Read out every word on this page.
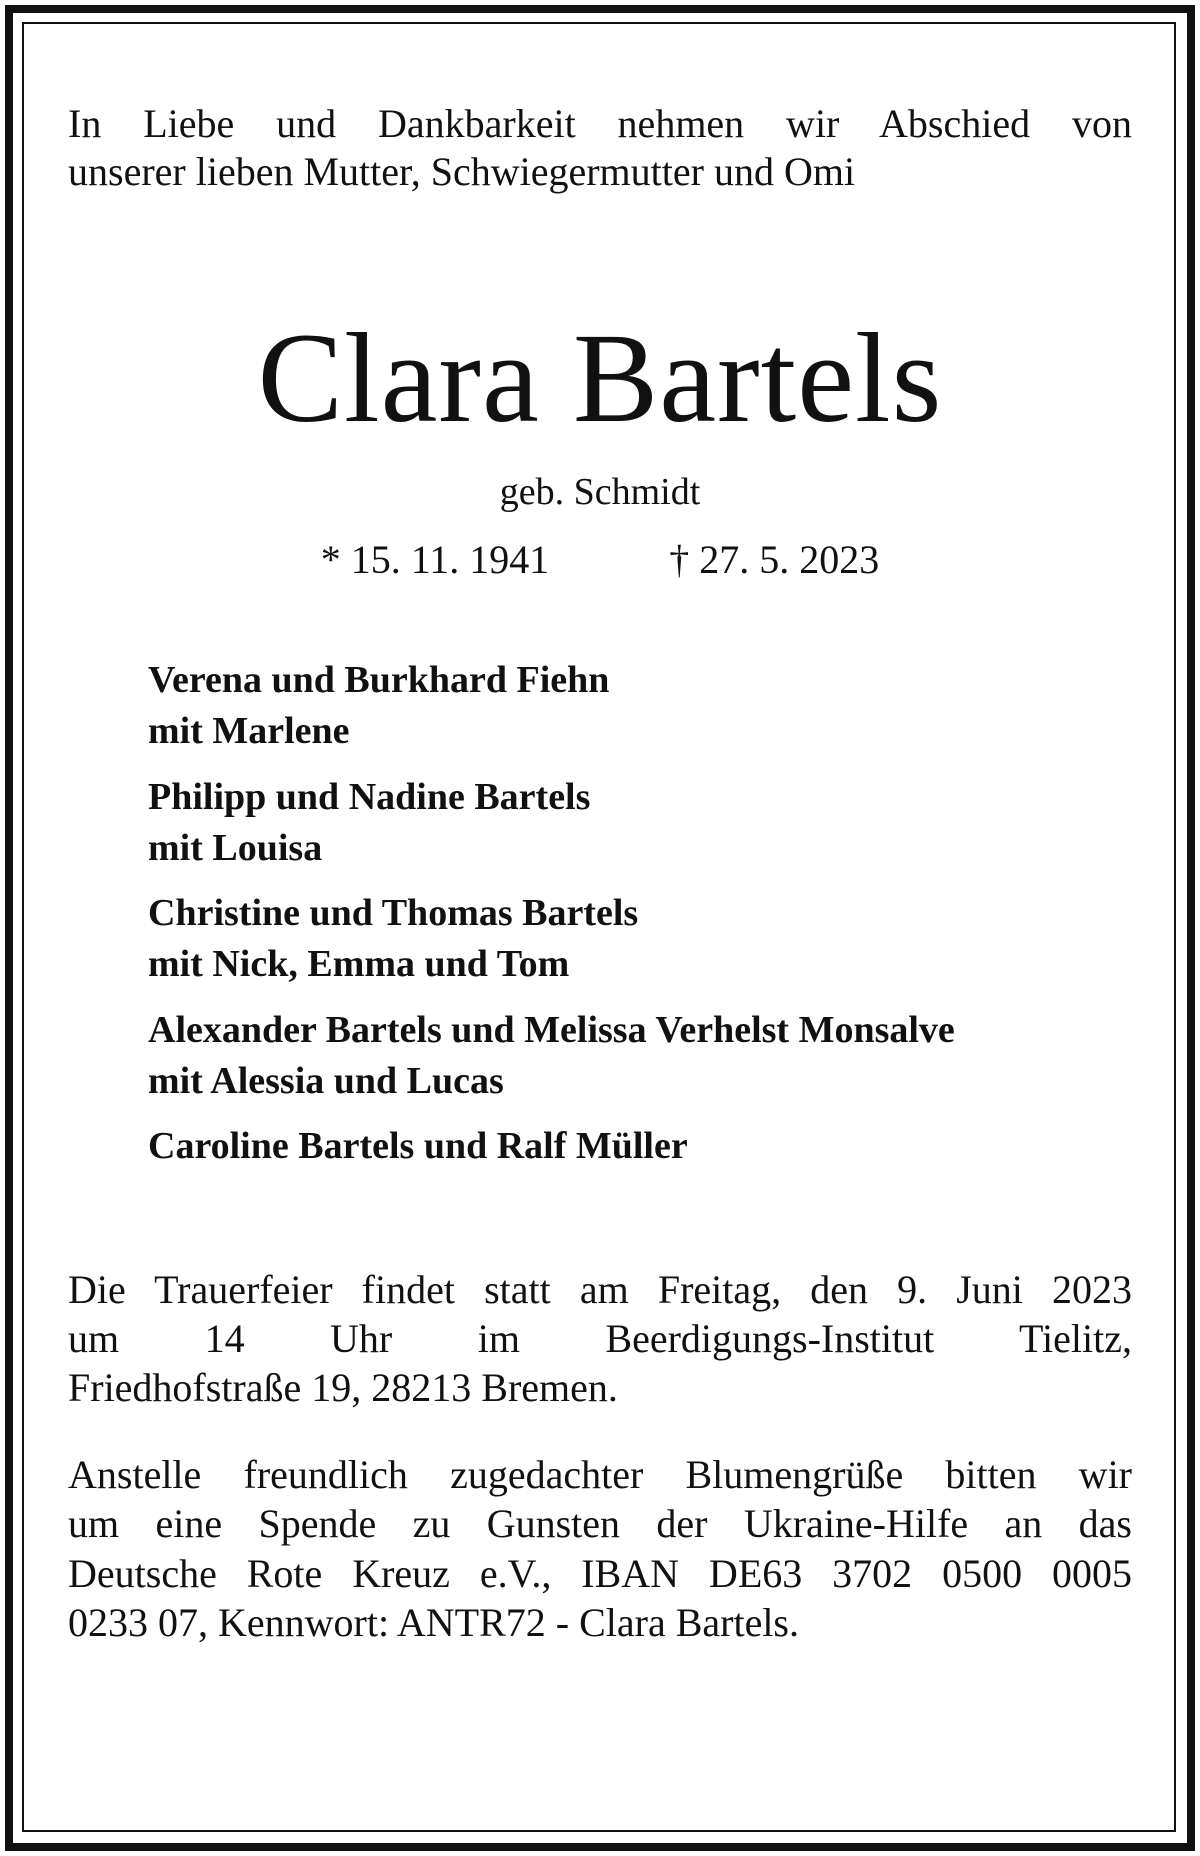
In Liebe und Dankbarkeit nehmen wir Abschied von
unserer lieben Mutter, Schwiegermutter und Omi

Clara Bartels
geb. Schmidt
* 15. 11. 1941	† 27. 5. 2023
Verena und Burkhard Fiehn
mit Marlene
Philipp und Nadine Bartels
mit Louisa
Christine und Thomas Bartels
mit Nick, Emma und Tom
Alexander Bartels und Melissa Verhelst Monsalve
mit Alessia und Lucas
Caroline Bartels und Ralf Müller
Die Trauerfeier findet statt am Freitag, den 9. Juni 2023
um 14 Uhr im Beerdigungs-Institut Tielitz,
Friedhofstraße 19, 28213 Bremen.
Anstelle freundlich zugedachter Blumengrüße bitten wir
um eine Spende zu Gunsten der Ukraine-Hilfe an das
Deutsche Rote Kreuz e.V., IBAN DE63 3702 0500 0005
0233 07, Kennwort: ANTR72 - Clara Bartels.
